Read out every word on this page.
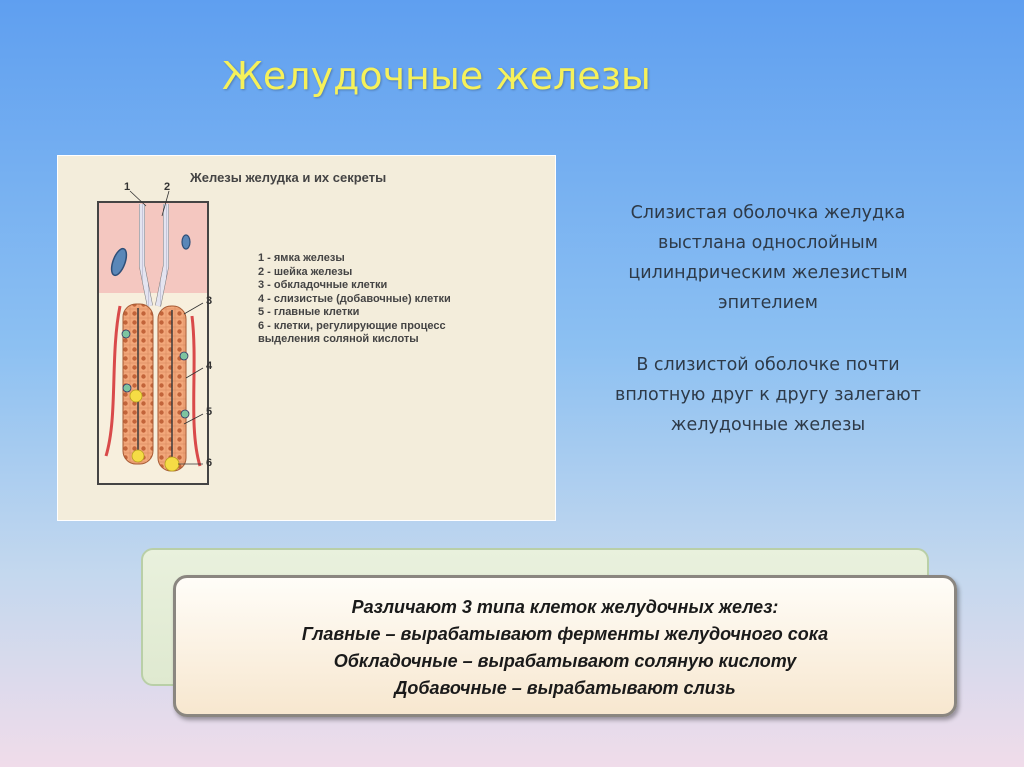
Желудочные железы
Железы желудка и их секреты
1	2
3
4
5
6
1 - ямка железы
2 - шейка железы
3 - обкладочные клетки
4 - слизистые (добавочные) клетки
5 - главные клетки
6 - клетки, регулирующие процесс
выделения соляной кислоты
Слизистая оболочка желудка
выстлана однослойным
цилиндрическим железистым
эпителием
В слизистой оболочке почти
вплотную друг к другу залегают
желудочные железы
Различают 3 типа клеток желудочных желез:
Главные – вырабатывают ферменты желудочного сока
Обкладочные – вырабатывают соляную кислоту
Добавочные – вырабатывают слизь
